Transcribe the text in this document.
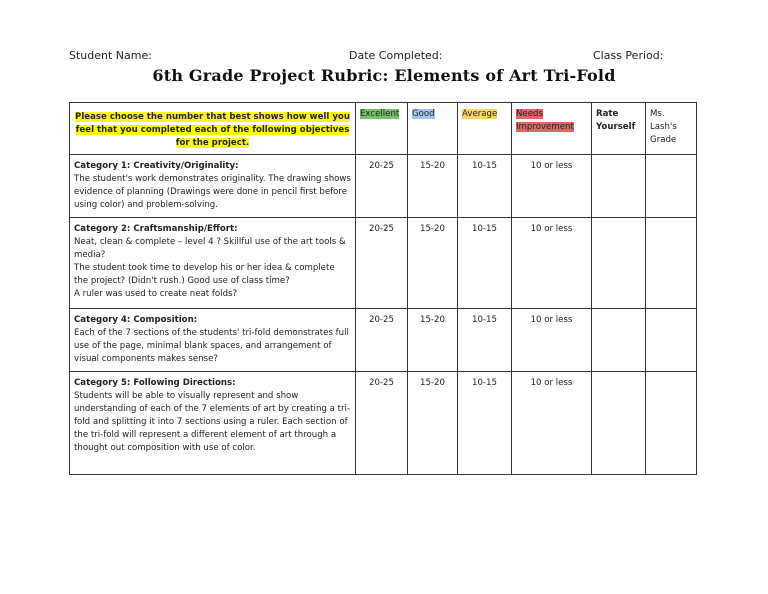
Student Name:	Date Completed:	Class Period:
6th Grade Project Rubric: Elements of Art Tri-Fold
Please choose the number that best shows how well you feel that you completed each of the following objectives for the project.	Excellent	Good	Average	Needs Improvement	Rate Yourself	Ms. Lash's Grade

Category 1: Creativity/Originality:
The student's work demonstrates originality. The drawing shows evidence of planning (Drawings were done in pencil first before using color) and problem-solving.	20-25	15-20	10-15	10 or less		

Category 2: Craftsmanship/Effort:
Neat, clean & complete – level 4 ? Skillful use of the art tools & media?
The student took time to develop his or her idea & complete the project? (Didn't rush.) Good use of class time?
A ruler was used to create neat folds?	20-25	15-20	10-15	10 or less		

Category 4: Composition:
Each of the 7 sections of the students' tri-fold demonstrates full use of the page, minimal blank spaces, and arrangement of visual components makes sense?	20-25	15-20	10-15	10 or less		

Category 5: Following Directions:
Students will be able to visually represent and show understanding of each of the 7 elements of art by creating a tri-fold and splitting it into 7 sections using a ruler. Each section of the tri-fold will represent a different element of art through a thought out composition with use of color.	20-25	15-20	10-15	10 or less		
